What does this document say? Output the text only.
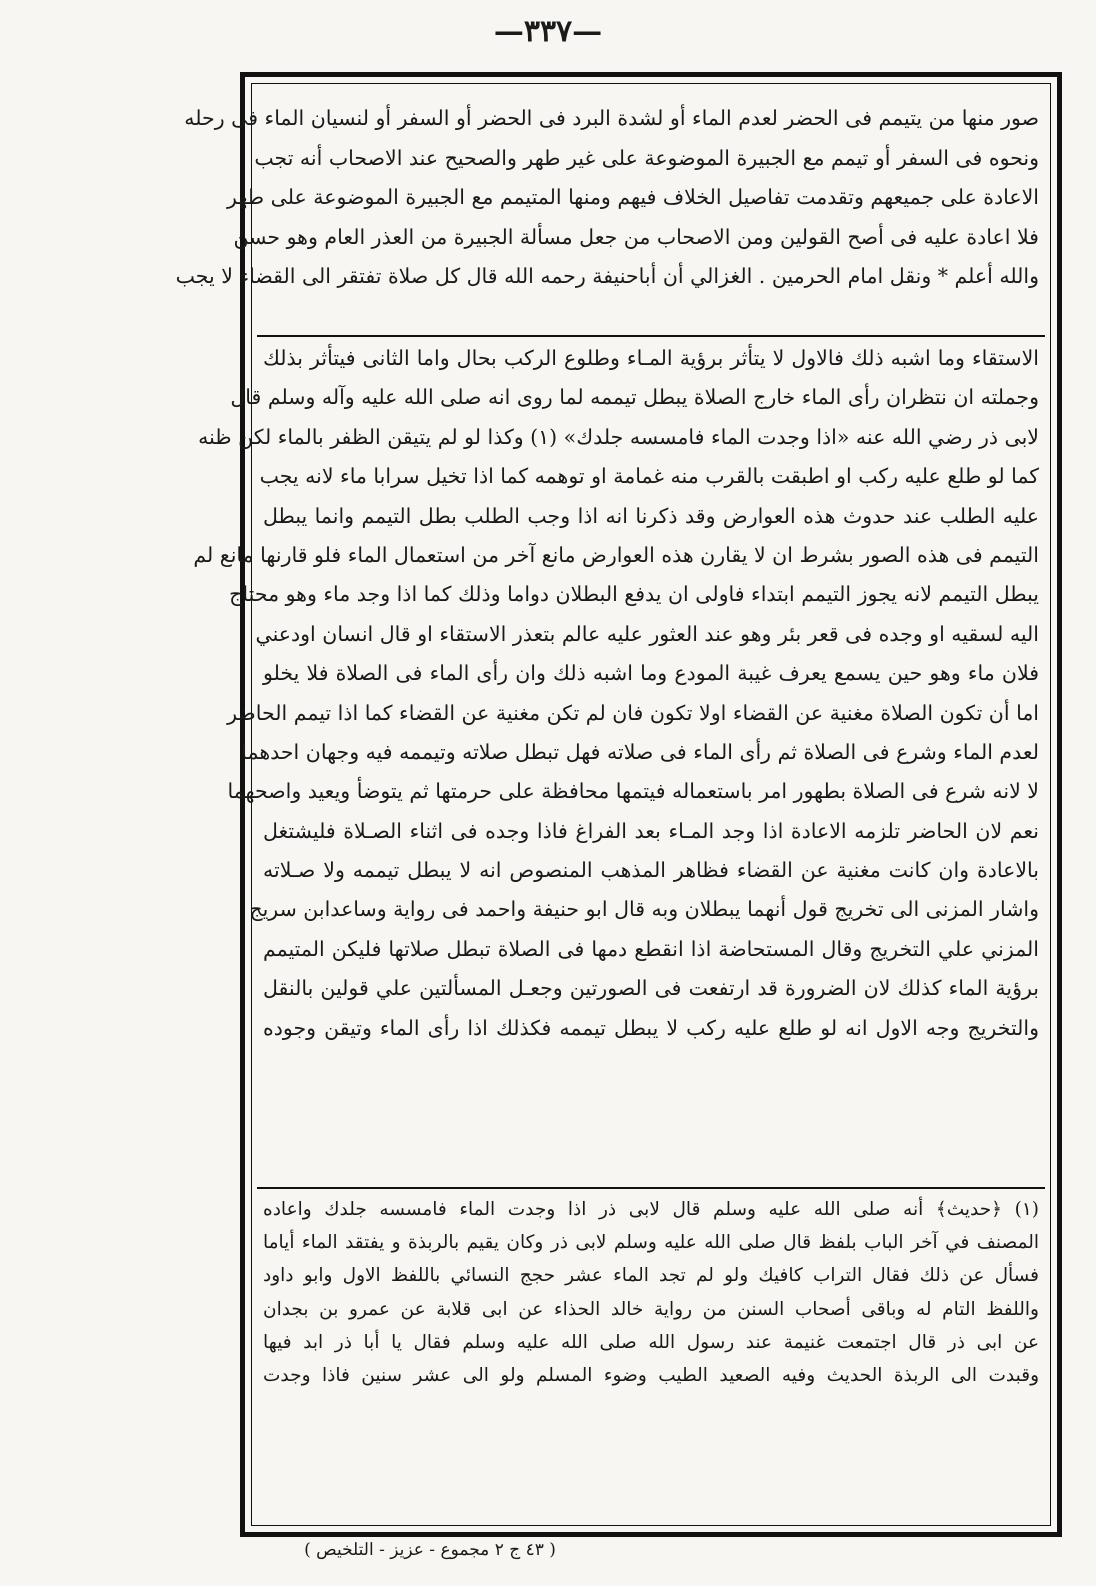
—٣٣٧—
صور منها من يتيمم فى الحضر لعدم الماء أو لشدة البرد فى الحضر أو السفر أو لنسيان الماء فى رحله
ونحوه فى السفر أو تيمم مع الجبيرة الموضوعة على غير طهر والصحيح عند الاصحاب أنه تجب
الاعادة على جميعهم وتقدمت تفاصيل الخلاف فيهم ومنها المتيمم مع الجبيرة الموضوعة على طهر
فلا اعادة عليه فى أصح القولين ومن الاصحاب من جعل مسألة الجبيرة من العذر العام وهو حسن
والله أعلم * ونقل امام الحرمين . الغزالي أن أباحنيفة رحمه الله قال كل صلاة تفتقر الى القضاء لا يجب
الاستقاء وما اشبه ذلك فالاول لا يتأثر برؤية المـاء وطلوع الركب بحال واما الثانى فيتأثر بذلك
وجملته ان نتظران رأى الماء خارج الصلاة يبطل تيممه لما روى انه صلى الله عليه وآله وسلم قال
لابى ذر رضي الله عنه «اذا وجدت الماء فامسسه جلدك» (١) وكذا لو لم يتيقن الظفر بالماء لكن ظنه
كما لو طلع عليه ركب او اطبقت بالقرب منه غمامة او توهمه كما اذا تخيل سرابا ماء لانه يجب
عليه الطلب عند حدوث هذه العوارض وقد ذكرنا انه اذا وجب الطلب بطل التيمم وانما يبطل
التيمم فى هذه الصور بشرط ان لا يقارن هذه العوارض مانع آخر من استعمال الماء فلو قارنها مانع لم
يبطل التيمم لانه يجوز التيمم ابتداء فاولى ان يدفع البطلان دواما وذلك كما اذا وجد ماء وهو محتاج
اليه لسقيه او وجده فى قعر بئر وهو عند العثور عليه عالم بتعذر الاستقاء او قال انسان اودعني
فلان ماء وهو حين يسمع يعرف غيبة المودع وما اشبه ذلك وان رأى الماء فى الصلاة فلا يخلو
اما أن تكون الصلاة مغنية عن القضاء اولا تكون فان لم تكن مغنية عن القضاء كما اذا تيمم الحاضر
لعدم الماء وشرع فى الصلاة ثم رأى الماء فى صلاته فهل تبطل صلاته وتيممه فيه وجهان احدهما
لا لانه شرع فى الصلاة بطهور امر باستعماله فيتمها محافظة على حرمتها ثم يتوضأ ويعيد واصحهما
نعم لان الحاضر تلزمه الاعادة اذا وجد المـاء بعد الفراغ فاذا وجده فى اثناء الصـلاة فليشتغل
بالاعادة وان كانت مغنية عن القضاء فظاهر المذهب المنصوص انه لا يبطل تيممه ولا صـلاته
واشار المزنى الى تخريج قول أنهما يبطلان وبه قال ابو حنيفة واحمد فى رواية وساعدابن سريج
المزني علي التخريج وقال المستحاضة اذا انقطع دمها فى الصلاة تبطل صلاتها فليكن المتيمم
برؤية الماء كذلك لان الضرورة قد ارتفعت فى الصورتين وجعـل المسألتين علي قولين بالنقل
والتخريج وجه الاول انه لو طلع عليه ركب لا يبطل تيممه فكذلك اذا رأى الماء وتيقن وجوده
(١) ﴿حديث﴾ أنه صلى الله عليه وسلم قال لابى ذر اذا وجدت الماء فامسسه جلدك واعاده
المصنف في آخر الباب بلفظ قال صلى الله عليه وسلم لابى ذر وكان يقيم بالربذة و يفتقد الماء أياما
فسأل عن ذلك فقال التراب كافيك ولو لم تجد الماء عشر حجج النسائي باللفظ الاول وابو داود
واللفظ التام له وباقى أصحاب السنن من رواية خالد الحذاء عن ابى قلابة عن عمرو بن بجدان
عن ابى ذر قال اجتمعت غنيمة عند رسول الله صلى الله عليه وسلم فقال يا أبا ذر ابد فيها
وقبدت الى الربذة الحديث وفيه الصعيد الطيب وضوء المسلم ولو الى عشر سنين فاذا وجدت
( ٤٣ ج ٢ مجموع - عزيز - التلخيص )
